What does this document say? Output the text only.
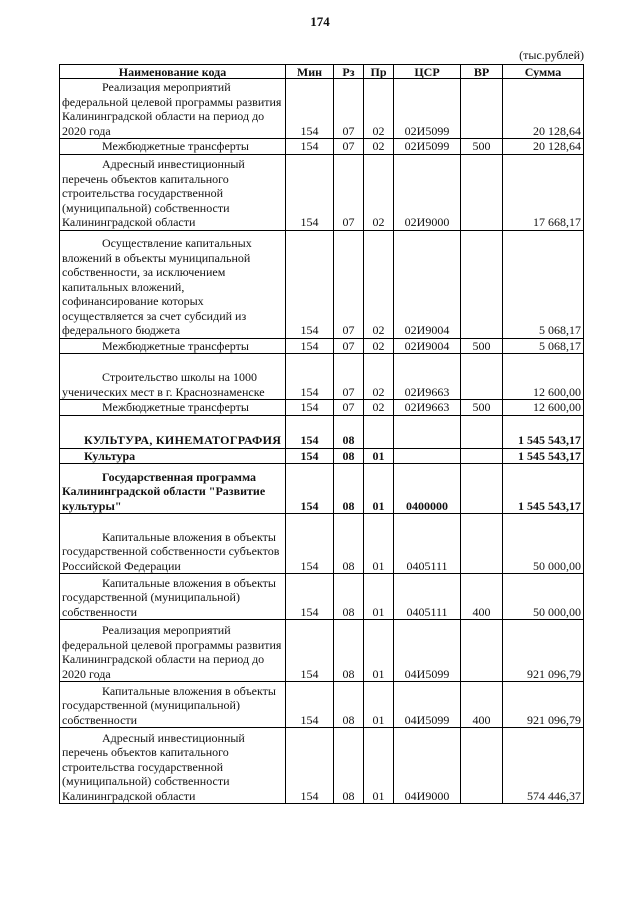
174
(тыс.рублей)
Наименование кода	Мин	Рз	Пр	ЦСР	ВР	Сумма

Реализация мероприятий федеральной целевой программы развития Калининградской области на период до 2020 года	154	07	02	02И5099		20 128,64

Межбюджетные трансферты	154	07	02	02И5099	500	20 128,64

Адресный инвестиционный перечень объектов капитального строительства государственной (муниципальной) собственности Калининградской области	154	07	02	02И9000		17 668,17

Осуществление капитальных вложений в объекты муниципальной собственности, за исключением капитальных вложений, софинансирование которых осуществляется за счет субсидий из федерального бюджета	154	07	02	02И9004		5 068,17

Межбюджетные трансферты	154	07	02	02И9004	500	5 068,17

Строительство школы на 1000 ученических мест в г. Краснознаменске	154	07	02	02И9663		12 600,00

Межбюджетные трансферты	154	07	02	02И9663	500	12 600,00

КУЛЬТУРА, КИНЕМАТОГРАФИЯ	154	08				1 545 543,17

Культура	154	08	01			1 545 543,17

Государственная программа Калининградской области "Развитие культуры"	154	08	01	0400000		1 545 543,17

Капитальные вложения в объекты государственной собственности субъектов Российской Федерации	154	08	01	0405111		50 000,00

Капитальные вложения в объекты государственной (муниципальной) собственности	154	08	01	0405111	400	50 000,00

Реализация мероприятий федеральной целевой программы развития Калининградской области на период до 2020 года	154	08	01	04И5099		921 096,79

Капитальные вложения в объекты государственной (муниципальной) собственности	154	08	01	04И5099	400	921 096,79

Адресный инвестиционный перечень объектов капитального строительства государственной (муниципальной) собственности Калининградской области	154	08	01	04И9000		574 446,37
